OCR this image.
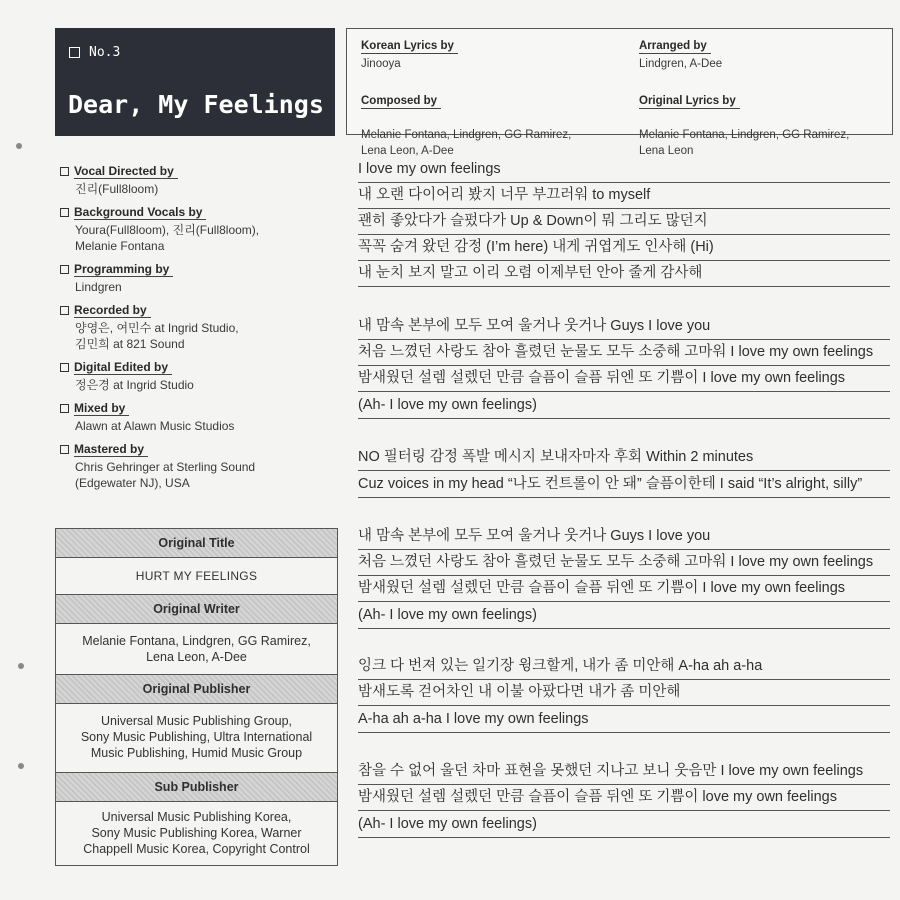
No.3
Dear, My Feelings
Korean Lyrics by
Jinooya

Composed by

Melanie Fontana, Lindgren, GG Ramirez,
Lena Leon, A-Dee

Arranged by
Lindgren, A-Dee

Original Lyrics by

Melanie Fontana, Lindgren, GG Ramirez,
Lena Leon

Vocal Directed by
진리(Full8loom)
Background Vocals by
Youra(Full8loom), 진리(Full8loom),
Melanie Fontana
Programming by
Lindgren
Recorded by
양영은, 여민수 at Ingrid Studio,
김민희 at 821 Sound
Digital Edited by
정은경 at Ingrid Studio
Mixed by
Alawn at Alawn Music Studios
Mastered by
Chris Gehringer at Sterling Sound
(Edgewater NJ), USA
Original Title
HURT MY FEELINGS
Original Writer
Melanie Fontana, Lindgren, GG Ramirez,
Lena Leon, A-Dee
Original Publisher
Universal Music Publishing Group,
Sony Music Publishing, Ultra International
Music Publishing, Humid Music Group
Sub Publisher
Universal Music Publishing Korea,
Sony Music Publishing Korea, Warner
Chappell Music Korea, Copyright Control
I love my own feelings
내 오랜 다이어리 봤지 너무 부끄러워 to myself
괜히 좋았다가 슬펐다가 Up & Down이 뭐 그리도 많던지
꼭꼭 숨겨 왔던 감정 (I’m here) 내게 귀엽게도 인사해 (Hi)
내 눈치 보지 말고 이리 오렴 이제부턴 안아 줄게 감사해
내 맘속 본부에 모두 모여 울거나 웃거나 Guys I love you
처음 느꼈던 사랑도 참아 흘렸던 눈물도 모두 소중해 고마워 I love my own feelings
밤새웠던 설렘 설렜던 만큼 슬픔이 슬픔 뒤엔 또 기쁨이 I love my own feelings
(Ah- I love my own feelings)
NO 필터링 감정 폭발 메시지 보내자마자 후회 Within 2 minutes
Cuz voices in my head “나도 컨트롤이 안 돼” 슬픔이한테 I said “It’s alright, silly”
내 맘속 본부에 모두 모여 울거나 웃거나 Guys I love you
처음 느꼈던 사랑도 참아 흘렸던 눈물도 모두 소중해 고마워 I love my own feelings
밤새웠던 설렘 설렜던 만큼 슬픔이 슬픔 뒤엔 또 기쁨이 I love my own feelings
(Ah- I love my own feelings)
잉크 다 번져 있는 일기장 윙크할게, 내가 좀 미안해 A-ha ah a-ha
밤새도록 걷어차인 내 이불 아팠다면 내가 좀 미안해
A-ha ah a-ha I love my own feelings
참을 수 없어 울던 차마 표현을 못했던 지나고 보니 웃음만 I love my own feelings
밤새웠던 설렘 설렜던 만큼 슬픔이 슬픔 뒤엔 또 기쁨이 love my own feelings
(Ah- I love my own feelings)
